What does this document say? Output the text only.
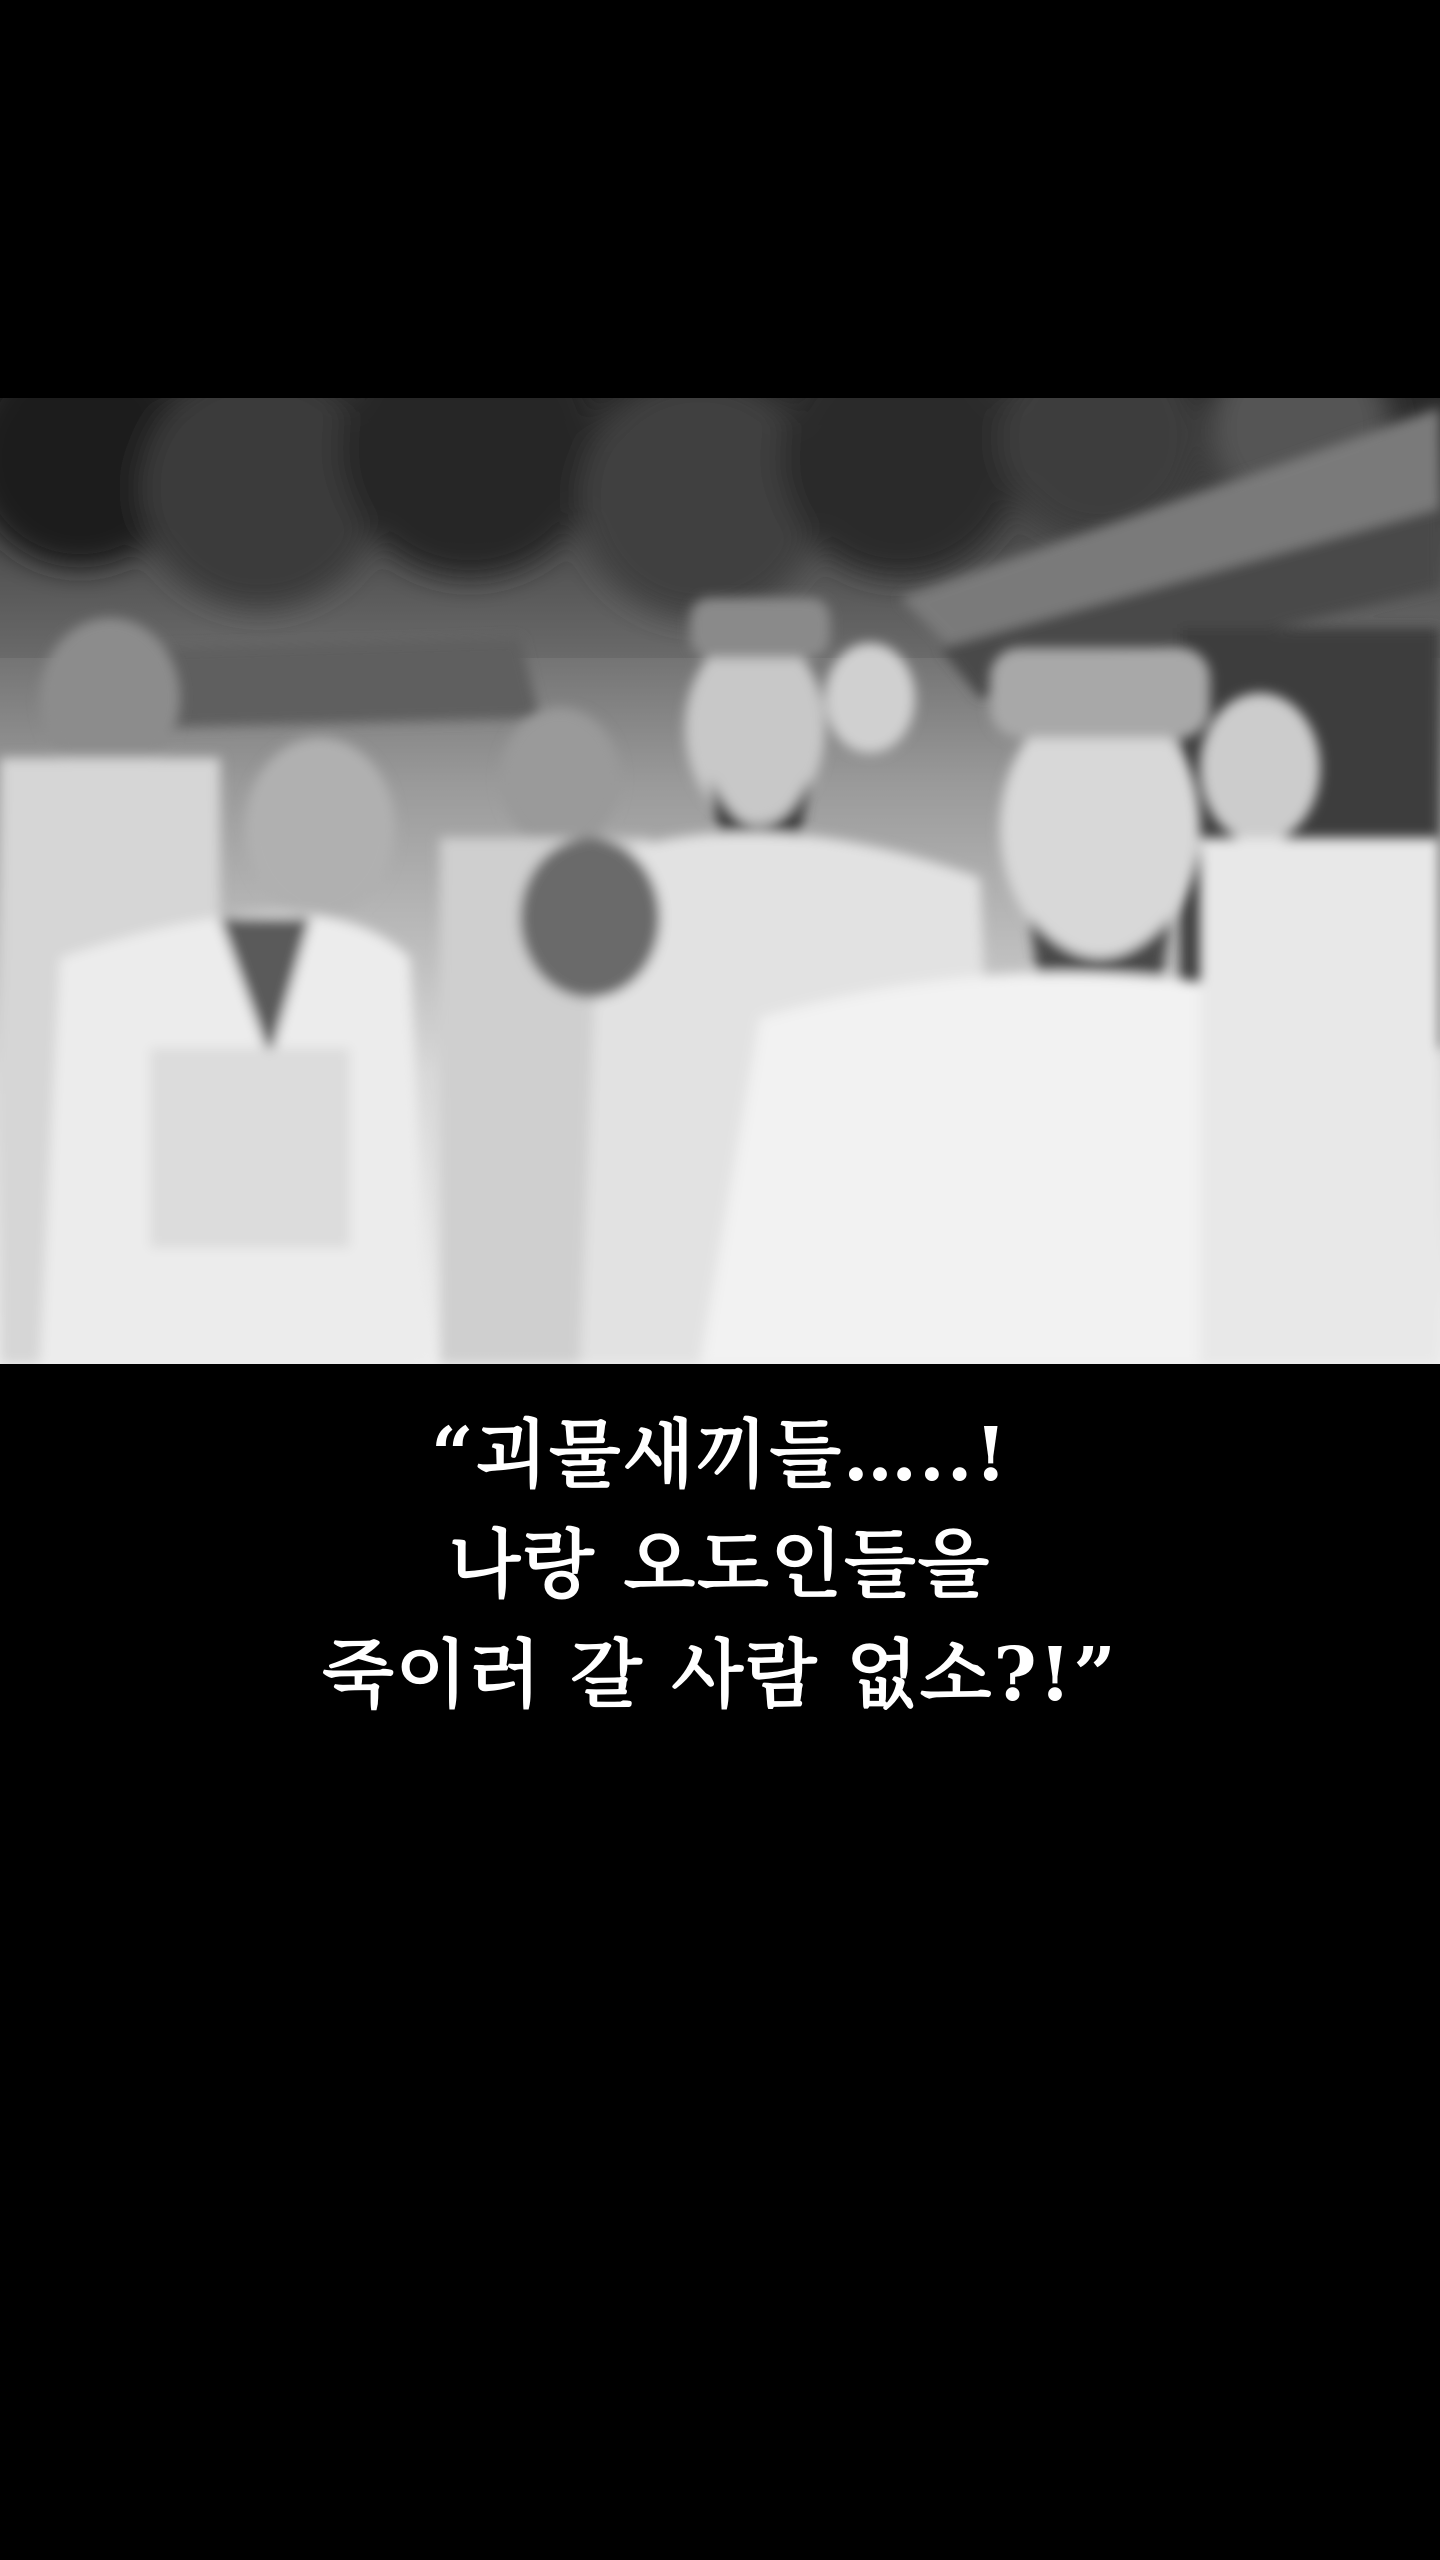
“괴물새끼들…..!
나랑 오도인들을
죽이러 갈 사람 없소?!”
